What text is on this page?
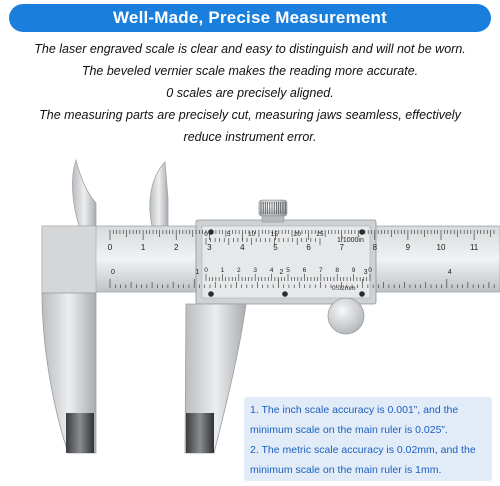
Well-Made, Precise Measurement

The laser engraved scale is clear and easy to distinguish and will not be worn.

The beveled vernier scale makes the reading more accurate.

0 scales are precisely aligned.

The measuring parts are precisely cut, measuring jaws seamless, effectively

reduce instrument error.

0	1	2	3	4
0	1	2	3	4	5	6	7	8	9	10	11
0	5	10 15 20 25
0 1 2 3 4 5 6 7 8 9 0
1/1000in
0.02mm
1. The inch scale accuracy is 0.001”, and the
minimum scale on the main ruler is 0.025”.
2. The metric scale accuracy is 0.02mm, and the
minimum scale on the main ruler is 1mm.
